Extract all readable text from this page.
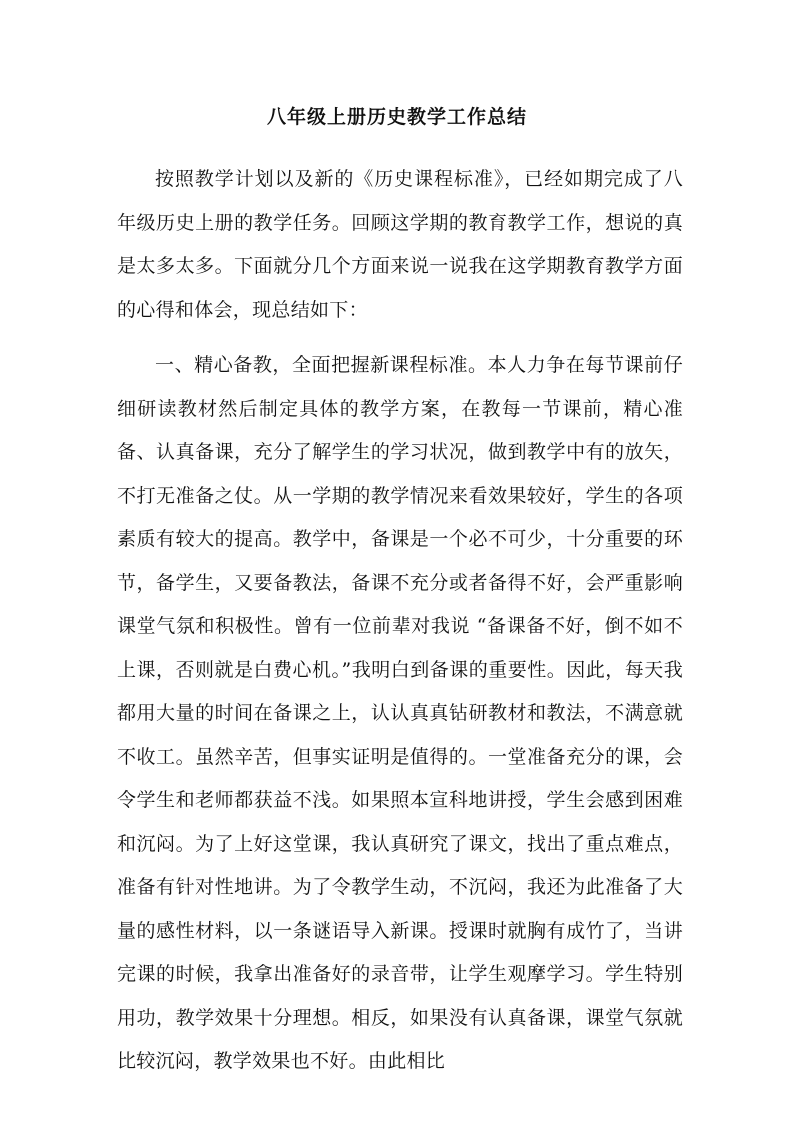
八年级上册历史教学工作总结

按照教学计划以及新的《历史课程标准》，已经如期完成了八年级历史上册的教学任务。回顾这学期的教育教学工作，想说的真是太多太多。下面就分几个方面来说一说我在这学期教育教学方面的心得和体会，现总结如下：

一、精心备教，全面把握新课程标准。本人力争在每节课前仔细研读教材然后制定具体的教学方案，在教每一节课前，精心准备、认真备课，充分了解学生的学习状况，做到教学中有的放矢，不打无准备之仗。从一学期的教学情况来看效果较好，学生的各项素质有较大的提高。教学中，备课是一个必不可少，十分重要的环节，备学生，又要备教法，备课不充分或者备得不好，会严重影响课堂气氛和积极性。曾有一位前辈对我说 “备课备不好，倒不如不上课，否则就是白费心机。”我明白到备课的重要性。因此，每天我都用大量的时间在备课之上，认认真真钻研教材和教法，不满意就不收工。虽然辛苦，但事实证明是值得的。一堂准备充分的课，会令学生和老师都获益不浅。如果照本宣科地讲授，学生会感到困难和沉闷。为了上好这堂课，我认真研究了课文，找出了重点难点，准备有针对性地讲。为了令教学生动，不沉闷，我还为此准备了大量的感性材料，以一条谜语导入新课。授课时就胸有成竹了，当讲完课的时候，我拿出准备好的录音带，让学生观摩学习。学生特别用功，教学效果十分理想。相反，如果没有认真备课，课堂气氛就比较沉闷，教学效果也不好。由此相比
